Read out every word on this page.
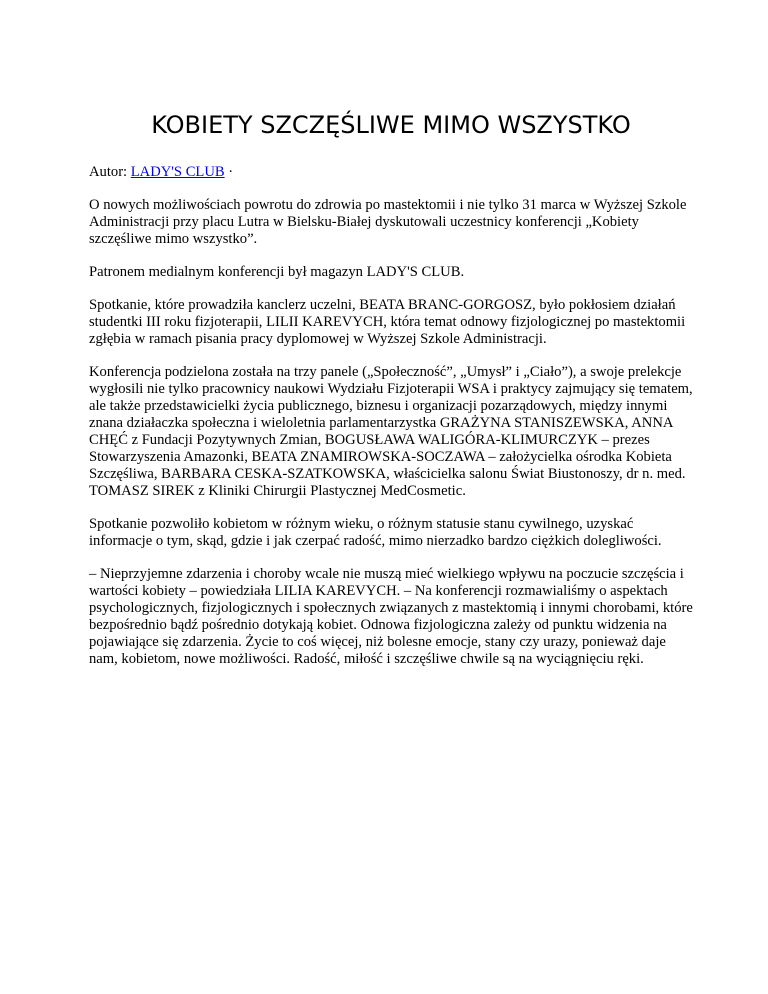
KOBIETY SZCZĘŚLIWE MIMO WSZYSTKO

Autor: LADY'S CLUB ·

O nowych możliwościach powrotu do zdrowia po mastektomii i nie tylko 31 marca w Wyższej Szkole Administracji przy placu Lutra w Bielsku-Białej dyskutowali uczestnicy konferencji „Kobiety szczęśliwe mimo wszystko”.

Patronem medialnym konferencji był magazyn LADY'S CLUB.

Spotkanie, które prowadziła kanclerz uczelni, BEATA BRANC-GORGOSZ, było pokłosiem działań studentki III roku fizjoterapii, LILII KAREVYCH, która temat odnowy fizjologicznej po mastektomii zgłębia w ramach pisania pracy dyplomowej w Wyższej Szkole Administracji.

Konferencja podzielona została na trzy panele („Społeczność”, „Umysł” i „Ciało”), a swoje prelekcje wygłosili nie tylko pracownicy naukowi Wydziału Fizjoterapii WSA i praktycy zajmujący się tematem, ale także przedstawicielki życia publicznego, biznesu i organizacji pozarządowych, między innymi znana działaczka społeczna i wieloletnia parlamentarzystka GRAŻYNA STANISZEWSKA, ANNA CHĘĆ z Fundacji Pozytywnych Zmian, BOGUSŁAWA WALIGÓRA-KLIMURCZYK – prezes Stowarzyszenia Amazonki, BEATA ZNAMIROWSKA-SOCZAWA – założycielka ośrodka Kobieta Szczęśliwa, BARBARA CESKA-SZATKOWSKA, właścicielka salonu Świat Biustonoszy, dr n. med. TOMASZ SIREK z Kliniki Chirurgii Plastycznej MedCosmetic.

Spotkanie pozwoliło kobietom w różnym wieku, o różnym statusie stanu cywilnego, uzyskać informacje o tym, skąd, gdzie i jak czerpać radość, mimo nierzadko bardzo ciężkich dolegliwości.

– Nieprzyjemne zdarzenia i choroby wcale nie muszą mieć wielkiego wpływu na poczucie szczęścia i wartości kobiety – powiedziała LILIA KAREVYCH. – Na konferencji rozmawialiśmy o aspektach psychologicznych, fizjologicznych i społecznych związanych z mastektomią i innymi chorobami, które bezpośrednio bądź pośrednio dotykają kobiet. Odnowa fizjologiczna zależy od punktu widzenia na pojawiające się zdarzenia. Życie to coś więcej, niż bolesne emocje, stany czy urazy, ponieważ daje nam, kobietom, nowe możliwości. Radość, miłość i szczęśliwe chwile są na wyciągnięciu ręki.
